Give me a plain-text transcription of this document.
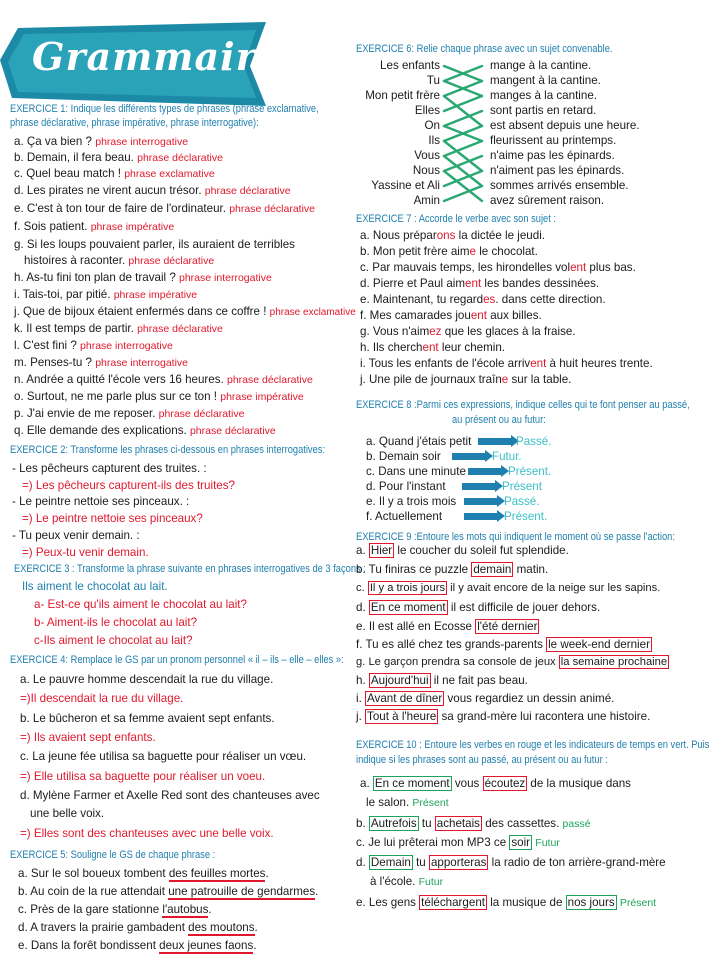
Grammaire
EXERCICE 1: Indique les différents types de phrases (phrase exclamative, phrase déclarative, phrase impérative, phrase interrogative):
a. Ça va bien ? phrase interrogative
b. Demain, il fera beau. phrase déclarative
c. Quel beau match ! phrase exclamative
d. Les pirates ne virent aucun trésor. phrase déclarative
e. C'est à ton tour de faire de l'ordinateur. phrase déclarative
f. Sois patient. phrase impérative
g. Si les loups pouvaient parler, ils auraient de terribles
histoires à raconter. phrase déclarative
h. As-tu fini ton plan de travail ? phrase interrogative
i. Tais-toi, par pitié. phrase impérative
j. Que de bijoux étaient enfermés dans ce coffre ! phrase exclamative
k. Il est temps de partir. phrase déclarative
l. C'est fini ? phrase interrogative
m. Penses-tu ? phrase interrogative
n. Andrée a quitté l'école vers 16 heures. phrase déclarative
o. Surtout, ne me parle plus sur ce ton ! phrase impérative
p. J'ai envie de me reposer. phrase déclarative
q. Elle demande des explications. phrase déclarative
EXERCICE 2: Transforme les phrases ci-dessous en phrases interrogatives:
- Les pêcheurs capturent des truites. :
=) Les pêcheurs capturent-ils des truites?
- Le peintre nettoie ses pinceaux. :
=) Le peintre nettoie ses pinceaux?
- Tu peux venir demain. :
=) Peux-tu venir demain.
EXERCICE 3 : Transforme la phrase suivante en phrases interrogatives de 3 façons :
Ils aiment le chocolat au lait.
a- Est-ce qu'ils aiment le chocolat au lait?
b- Aiment-ils le chocolat au lait?
c-Ils aiment le chocolat au lait?
EXERCICE 4: Remplace le GS par un pronom personnel « il – ils – elle – elles »:
a. Le pauvre homme descendait la rue du village.
=)Il descendait la rue du village.
b. Le bûcheron et sa femme avaient sept enfants.
=) Ils avaient sept enfants.
c. La jeune fée utilisa sa baguette pour réaliser un vœu.
=) Elle utilisa sa baguette pour réaliser un voeu.
d. Mylène Farmer et Axelle Red sont des chanteuses avec
une belle voix.
=) Elles sont des chanteuses avec une belle voix.
EXERCICE 5: Souligne le GS de chaque phrase :
a. Sur le sol boueux tombent des feuilles mortes.
b. Au coin de la rue attendait une patrouille de gendarmes.
c. Près de la gare stationne l'autobus.
d. A travers la prairie gambadent des moutons.
e. Dans la forêt bondissent deux jeunes faons.
EXERCICE 6: Relie chaque phrase avec un sujet convenable.
Les enfants
Tu
Mon petit frère
Elles
On
Ils
Vous
Nous
Yassine et Ali
Amin
mange à la cantine.
mangent à la cantine.
manges à la cantine.
sont partis en retard.
est absent depuis une heure.
fleurissent au printemps.
n'aime pas les épinards.
n'aiment pas les épinards.
sommes arrivés ensemble.
avez sûrement raison.
EXERCICE 7 : Accorde le verbe avec son sujet :
a. Nous préparons la dictée le jeudi.
b. Mon petit frère aime le chocolat.
c. Par mauvais temps, les hirondelles volent plus bas.
d. Pierre et Paul aiment les bandes dessinées.
e. Maintenant, tu regardes. dans cette direction.
f. Mes camarades jouent aux billes.
g. Vous n'aimez que les glaces à la fraise.
h. Ils cherchent leur chemin.
i. Tous les enfants de l'école arrivent à huit heures trente.
j. Une pile de journaux traîne sur la table.
EXERCICE 8 :Parmi ces expressions, indique celles qui te font penser au passé,
au présent ou au futur:
a. Quand j'étais petit
b. Demain soir
c. Dans une minute
d. Pour l'instant
e. Il y a trois mois
f. Actuellement
Passé.
Futur.
Présent.
Présent
Passé.
Présent.
EXERCICE 9 :Entoure les mots qui indiquent le moment où se passe l'action:
a. Hier le coucher du soleil fut splendide.
b. Tu finiras ce puzzle demain matin.
c. Il y a trois jours il y avait encore de la neige sur les sapins.
d. En ce moment il est difficile de jouer dehors.
e. Il est allé en Ecosse l'été dernier
f. Tu es allé chez tes grands-parents le week-end dernier
g. Le garçon prendra sa console de jeux la semaine prochaine
h. Aujourd'hui il ne fait pas beau.
i. Avant de dîner vous regardiez un dessin animé.
j. Tout à l'heure sa grand-mère lui racontera une histoire.
EXERCICE 10 : Entoure les verbes en rouge et les indicateurs de temps en vert. Puis
indique si les phrases sont au passé, au présent ou au futur :
a. En ce moment vous écoutez de la musique dans
le salon. Présent
b. Autrefois tu achetais des cassettes. passé
c. Je lui prêterai mon MP3 ce soir Futur
d. Demain tu apporteras la radio de ton arrière-grand-mère
à l'école. Futur
e. Les gens téléchargent la musique de nos jours Présent
